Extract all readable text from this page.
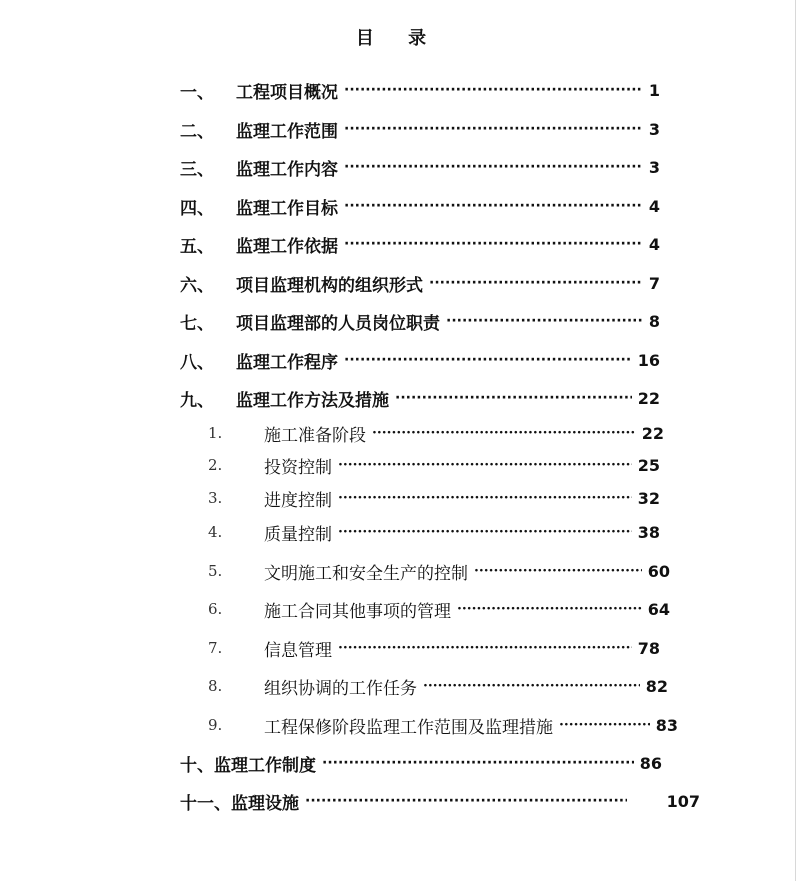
目 录
一、	工程项目概况 ·····	1
二、	监理工作范围 ·····	3
三、	监理工作内容 ·····	3
四、	监理工作目标 ·····	4
五、	监理工作依据 ·····	4
六、	项目监理机构的组织形式 ·····	7
七、	项目监理部的人员岗位职责 ·····	8
八、	监理工作程序 ·····	16
九、	监理工作方法及措施 ·····	22
1.	施工准备阶段 ·····	22
2.	投资控制 ·····	25
3.	进度控制 ·····	32
4.	质量控制 ·····	38
5.	文明施工和安全生产的控制 ·····	60
6.	施工合同其他事项的管理 ·····	64
7.	信息管理 ·····	78
8.	组织协调的工作任务 ·····	82
9.	工程保修阶段监理工作范围及监理措施 ·····	83
十、 监理工作制度 ·····	86
十一、 监理设施 ·····	107
